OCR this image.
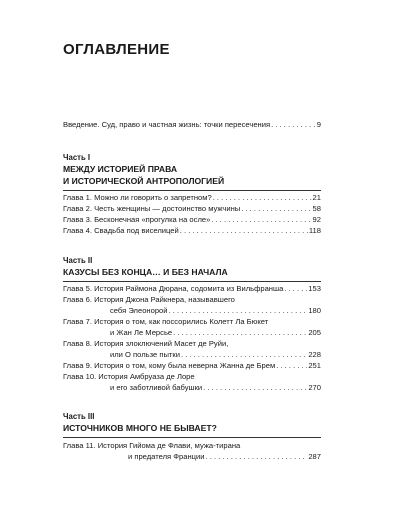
ОГЛАВЛЕНИЕ
Введение. Суд, право и частная жизнь: точки пересечения . . .	9
Часть I
МЕЖДУ ИСТОРИЕЙ ПРАВА
И ИСТОРИЧЕСКОЙ АНТРОПОЛОГИЕЙ
Глава 1. Можно ли говорить о запретном? . . .	21
Глава 2. Честь женщины — достоинство мужчины . . .	58
Глава 3. Бесконечная «прогулка на осле» . . .	92
Глава 4. Свадьба под виселицей . . .	118
Часть II
КАЗУСЫ БЕЗ КОНЦА… И БЕЗ НАЧАЛА
Глава 5. История Раймона Дюрана, содомита из Вильфранша . . .	153
Глава 6. История Джона Райкнера, называвшего
себя Элеонорой . . .	180
Глава 7. История о том, как поссорились Колетт Ла Бюкет
и Жан Ле Мерсье . . .	205
Глава 8. История злоключений Масет де Руйи,
или О пользе пытки . . .	228
Глава 9. История о том, кому была неверна Жанна де Брем . . .	251
Глава 10. История Амбруаза де Лоре
и его заботливой бабушки . . .	270
Часть III
ИСТОЧНИКОВ МНОГО НЕ БЫВАЕТ?
Глава 11. История Гийома де Флави, мужа-тирана
и предателя Франции . . .	287
